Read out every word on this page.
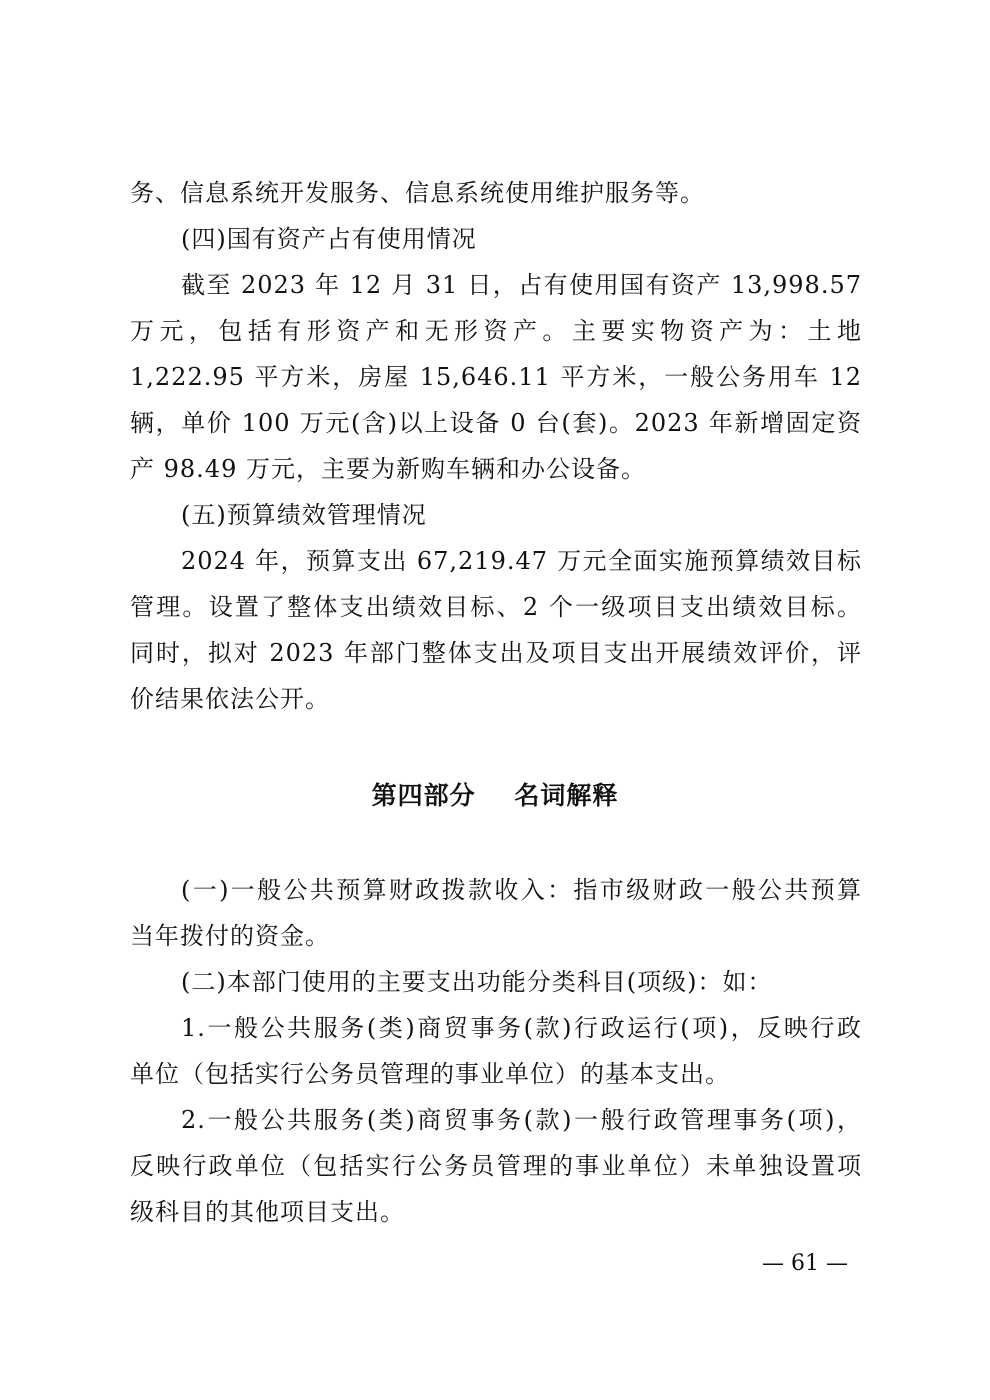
务、信息系统开发服务、信息系统使用维护服务等。
(四)国有资产占有使用情况
截至 2023 年 12 月 31 日，占有使用国有资产 13,998.57
万元，包括有形资产和无形资产。主要实物资产为：土地
1,222.95 平方米，房屋 15,646.11 平方米，一般公务用车 12
辆，单价 100 万元(含)以上设备 0 台(套)。2023 年新增固定资
产 98.49 万元，主要为新购车辆和办公设备。
(五)预算绩效管理情况
2024 年，预算支出 67,219.47 万元全面实施预算绩效目标
管理。设置了整体支出绩效目标、2 个一级项目支出绩效目标。
同时，拟对 2023 年部门整体支出及项目支出开展绩效评价，评
价结果依法公开。
第四部分    名词解释
(一)一般公共预算财政拨款收入：指市级财政一般公共预算
当年拨付的资金。
(二)本部门使用的主要支出功能分类科目(项级)：如：
1.一般公共服务(类)商贸事务(款)行政运行(项)，反映行政
单位（包括实行公务员管理的事业单位）的基本支出。
2.一般公共服务(类)商贸事务(款)一般行政管理事务(项)，
反映行政单位（包括实行公务员管理的事业单位）未单独设置项
级科目的其他项目支出。
— 61 —
